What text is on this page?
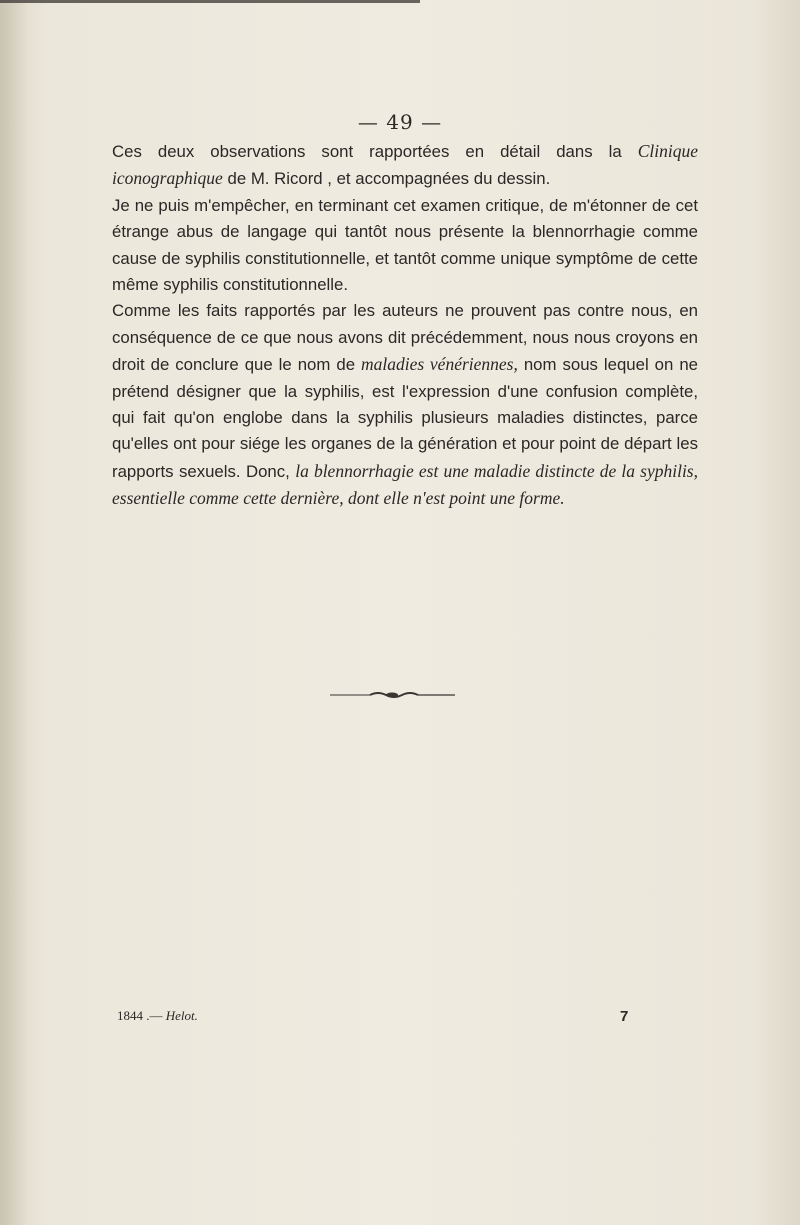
— 49 —

Ces deux observations sont rapportées en détail dans la Clinique iconographique de M. Ricord , et accompagnées du dessin.

Je ne puis m'empêcher, en terminant cet examen critique, de m'étonner de cet étrange abus de langage qui tantôt nous présente la blennorrhagie comme cause de syphilis constitutionnelle, et tantôt comme unique symptôme de cette même syphilis constitutionnelle.

Comme les faits rapportés par les auteurs ne prouvent pas contre nous, en conséquence de ce que nous avons dit précédemment, nous nous croyons en droit de conclure que le nom de maladies vénériennes, nom sous lequel on ne prétend désigner que la syphilis, est l'expression d'une confusion complète, qui fait qu'on englobe dans la syphilis plusieurs maladies distinctes, parce qu'elles ont pour siége les organes de la génération et pour point de départ les rapports sexuels. Donc, la blennorrhagie est une maladie distincte de la syphilis, essentielle comme cette dernière, dont elle n'est point une forme.

1844 .— Helot.	7
